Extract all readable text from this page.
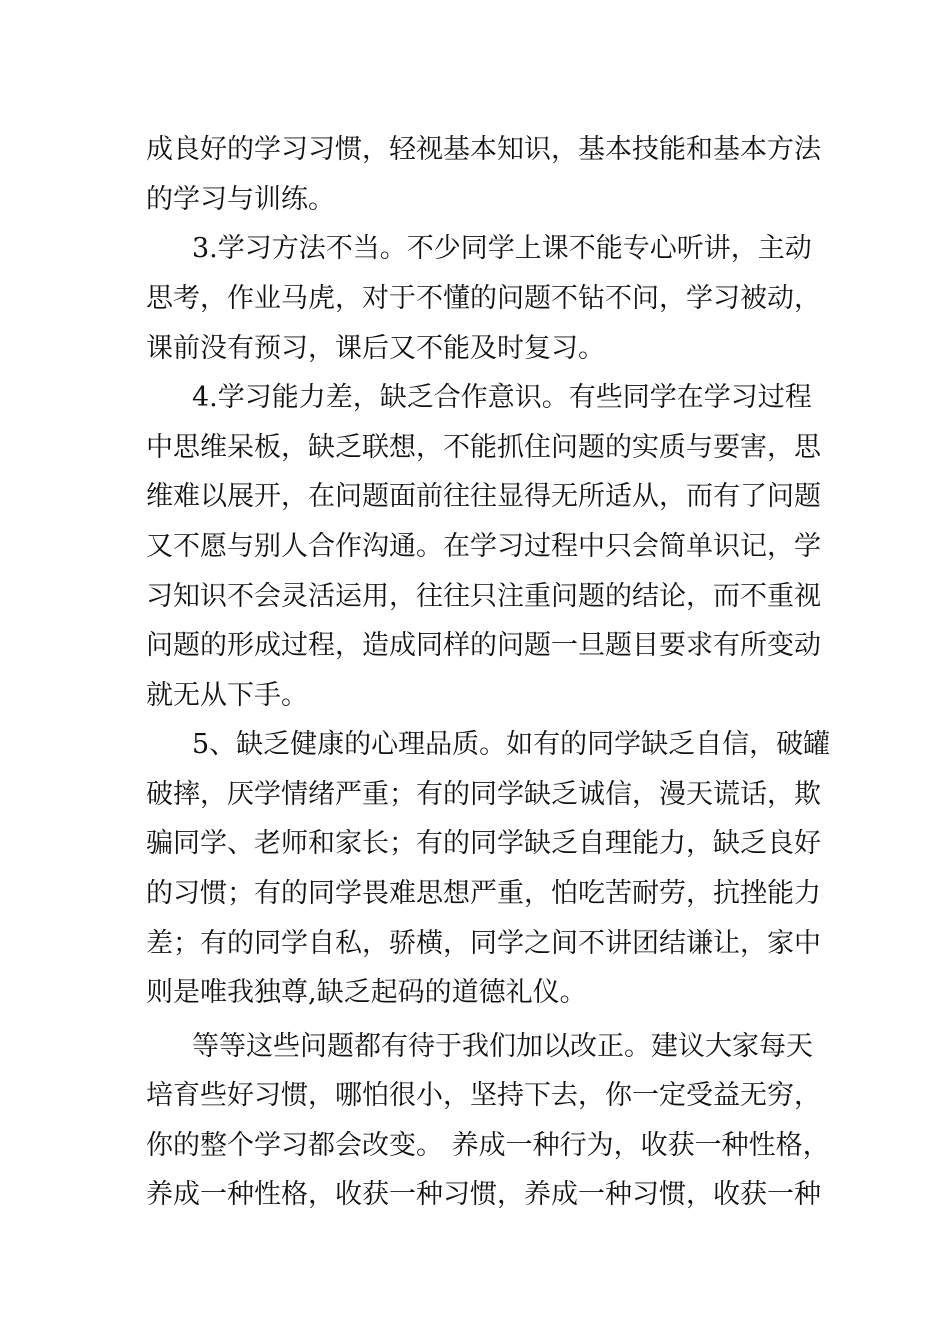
成良好的学习习惯，轻视基本知识，基本技能和基本方法
的学习与训练。
3.学习方法不当。不少同学上课不能专心听讲，主动
思考，作业马虎，对于不懂的问题不钻不问，学习被动，
课前没有预习，课后又不能及时复习。
4.学习能力差，缺乏合作意识。有些同学在学习过程
中思维呆板，缺乏联想，不能抓住问题的实质与要害，思
维难以展开，在问题面前往往显得无所适从，而有了问题
又不愿与别人合作沟通。在学习过程中只会简单识记，学
习知识不会灵活运用，往往只注重问题的结论，而不重视
问题的形成过程，造成同样的问题一旦题目要求有所变动
就无从下手。
5、缺乏健康的心理品质。如有的同学缺乏自信，破罐
破摔，厌学情绪严重；有的同学缺乏诚信，漫天谎话，欺
骗同学、老师和家长；有的同学缺乏自理能力，缺乏良好
的习惯；有的同学畏难思想严重，怕吃苦耐劳，抗挫能力
差；有的同学自私，骄横，同学之间不讲团结谦让，家中
则是唯我独尊,缺乏起码的道德礼仪。
等等这些问题都有待于我们加以改正。建议大家每天
培育些好习惯，哪怕很小，坚持下去，你一定受益无穷，
你的整个学习都会改变。 养成一种行为，收获一种性格，
养成一种性格，收获一种习惯，养成一种习惯，收获一种
